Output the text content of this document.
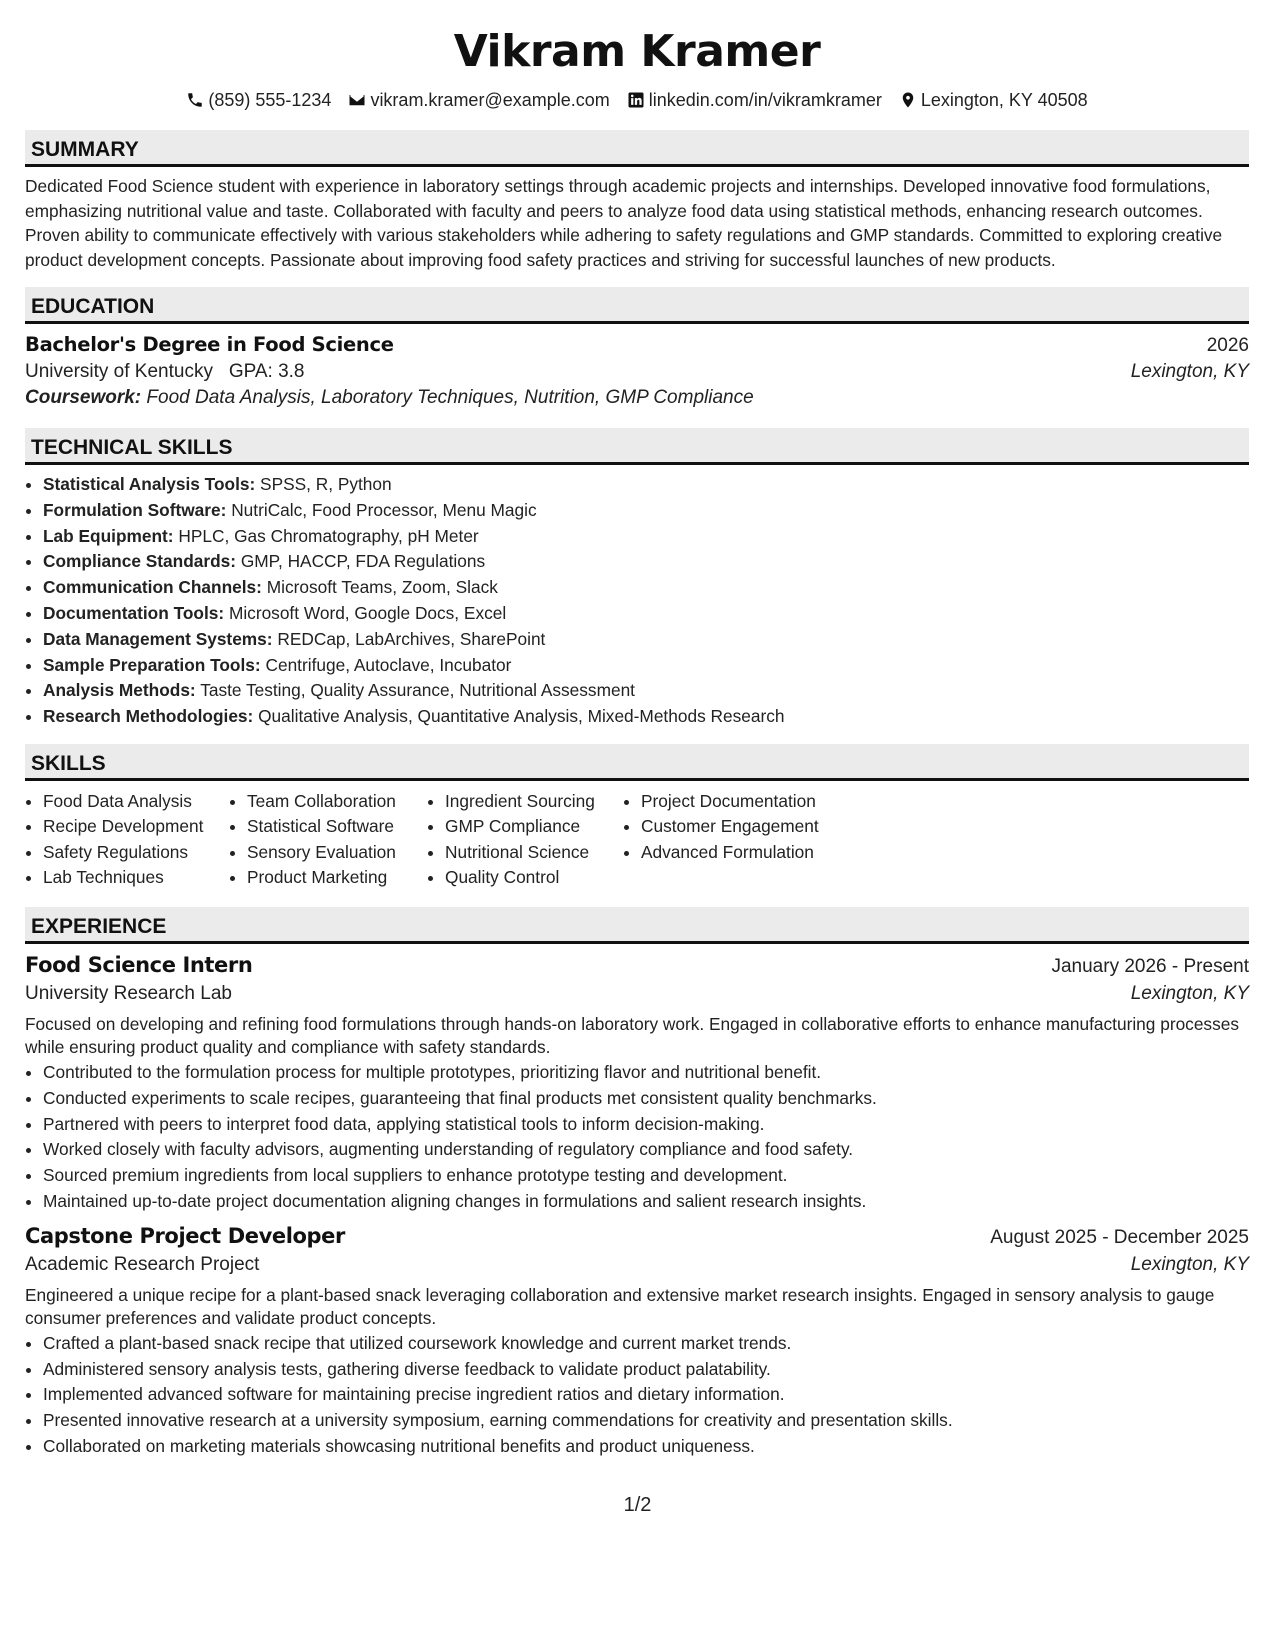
Vikram Kramer
(859) 555-1234 vikram.kramer@example.com linkedin.com/in/vikramkramer Lexington, KY 40508
SUMMARY

Dedicated Food Science student with experience in laboratory settings through academic projects and internships. Developed innovative food formulations, emphasizing nutritional value and taste. Collaborated with faculty and peers to analyze food data using statistical methods, enhancing research outcomes. Proven ability to communicate effectively with various stakeholders while adhering to safety regulations and GMP standards. Committed to exploring creative product development concepts. Passionate about improving food safety practices and striving for successful launches of new products.

EDUCATION
Bachelor's Degree in Food Science	2026
University of Kentucky GPA: 3.8	Lexington, KY
Coursework: Food Data Analysis, Laboratory Techniques, Nutrition, GMP Compliance
TECHNICAL SKILLS
• Statistical Analysis Tools: SPSS, R, Python
• Formulation Software: NutriCalc, Food Processor, Menu Magic
• Lab Equipment: HPLC, Gas Chromatography, pH Meter
• Compliance Standards: GMP, HACCP, FDA Regulations
• Communication Channels: Microsoft Teams, Zoom, Slack
• Documentation Tools: Microsoft Word, Google Docs, Excel
• Data Management Systems: REDCap, LabArchives, SharePoint
• Sample Preparation Tools: Centrifuge, Autoclave, Incubator
• Analysis Methods: Taste Testing, Quality Assurance, Nutritional Assessment
• Research Methodologies: Qualitative Analysis, Quantitative Analysis, Mixed-Methods Research
SKILLS
• Food Data Analysis
• Recipe Development
• Safety Regulations
• Lab Techniques
• Team Collaboration
• Statistical Software
• Sensory Evaluation
• Product Marketing
• Ingredient Sourcing
• GMP Compliance
• Nutritional Science
• Quality Control
• Project Documentation
• Customer Engagement
• Advanced Formulation
EXPERIENCE
Food Science Intern	January 2026 - Present
University Research Lab	Lexington, KY

Focused on developing and refining food formulations through hands-on laboratory work. Engaged in collaborative efforts to enhance manufacturing processes while ensuring product quality and compliance with safety standards.

• Contributed to the formulation process for multiple prototypes, prioritizing flavor and nutritional benefit.
• Conducted experiments to scale recipes, guaranteeing that final products met consistent quality benchmarks.
• Partnered with peers to interpret food data, applying statistical tools to inform decision-making.
• Worked closely with faculty advisors, augmenting understanding of regulatory compliance and food safety.
• Sourced premium ingredients from local suppliers to enhance prototype testing and development.
• Maintained up-to-date project documentation aligning changes in formulations and salient research insights.
Capstone Project Developer	August 2025 - December 2025
Academic Research Project	Lexington, KY

Engineered a unique recipe for a plant-based snack leveraging collaboration and extensive market research insights. Engaged in sensory analysis to gauge consumer preferences and validate product concepts.

• Crafted a plant-based snack recipe that utilized coursework knowledge and current market trends.
• Administered sensory analysis tests, gathering diverse feedback to validate product palatability.
• Implemented advanced software for maintaining precise ingredient ratios and dietary information.
• Presented innovative research at a university symposium, earning commendations for creativity and presentation skills.
• Collaborated on marketing materials showcasing nutritional benefits and product uniqueness.
1/2
